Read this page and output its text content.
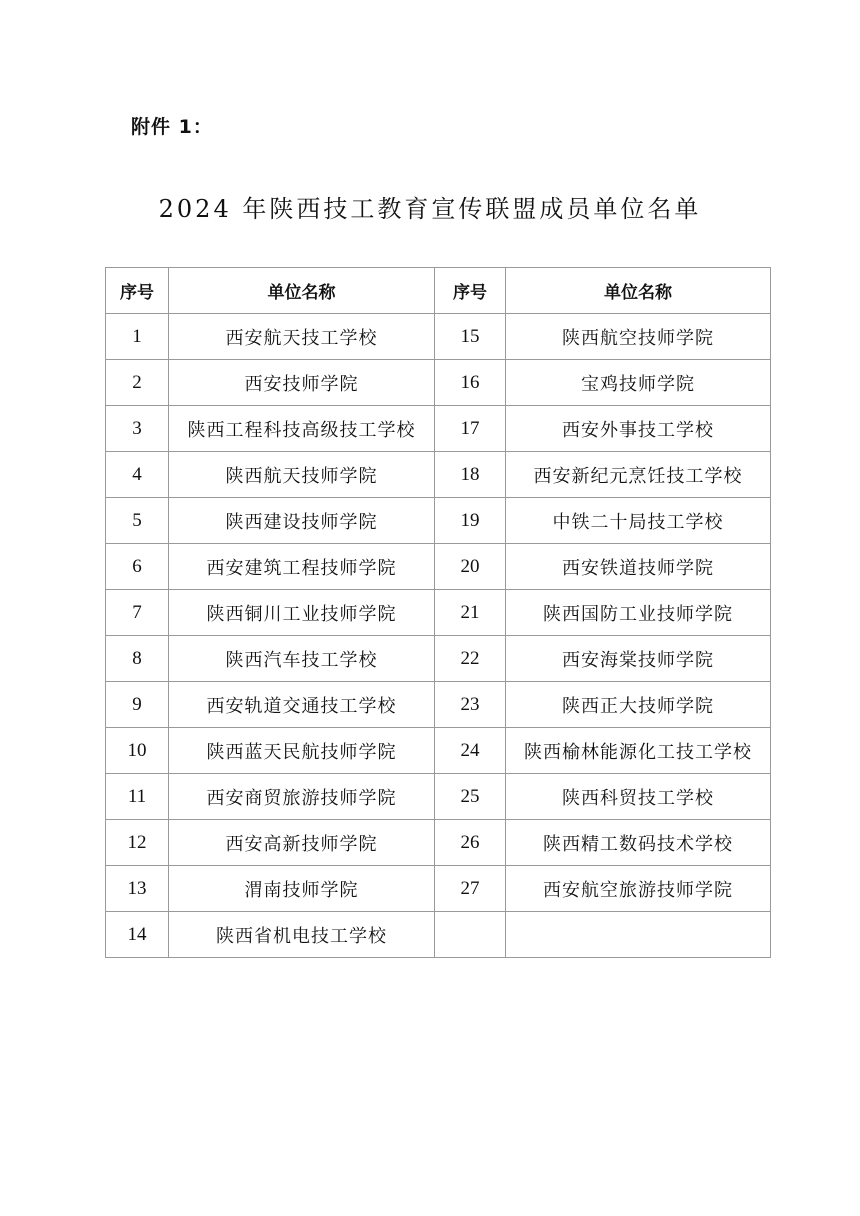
附件 1：
2024 年陕西技工教育宣传联盟成员单位名单
序号	单位名称	序号	单位名称
1	西安航天技工学校	15	陕西航空技师学院
2	西安技师学院	16	宝鸡技师学院
3	陕西工程科技高级技工学校	17	西安外事技工学校
4	陕西航天技师学院	18	西安新纪元烹饪技工学校
5	陕西建设技师学院	19	中铁二十局技工学校
6	西安建筑工程技师学院	20	西安铁道技师学院
7	陕西铜川工业技师学院	21	陕西国防工业技师学院
8	陕西汽车技工学校	22	西安海棠技师学院
9	西安轨道交通技工学校	23	陕西正大技师学院
10	陕西蓝天民航技师学院	24	陕西榆林能源化工技工学校
11	西安商贸旅游技师学院	25	陕西科贸技工学校
12	西安高新技师学院	26	陕西精工数码技术学校
13	渭南技师学院	27	西安航空旅游技师学院
14	陕西省机电技工学校		
